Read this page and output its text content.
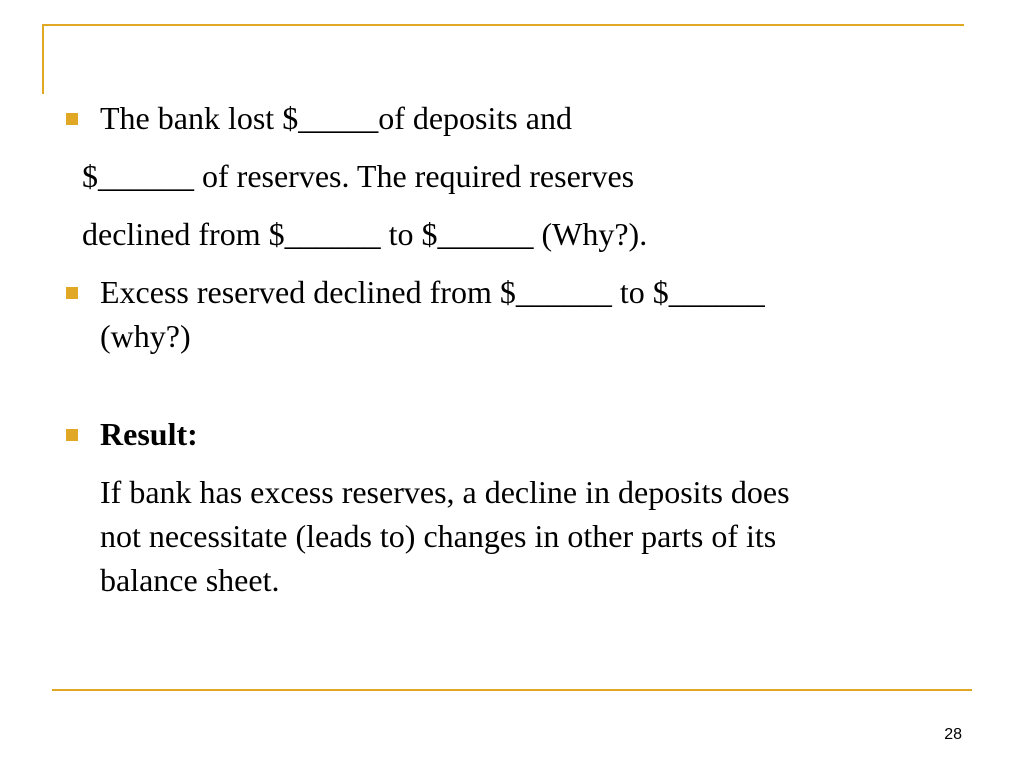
The bank lost $_____of deposits and

$______ of reserves. The required reserves

declined from $______ to $______ (Why?).

Excess reserved declined from $______ to $______

(why?)

Result:

If bank has excess reserves, a decline in deposits does

not necessitate (leads to) changes in other parts of its

balance sheet.

28
